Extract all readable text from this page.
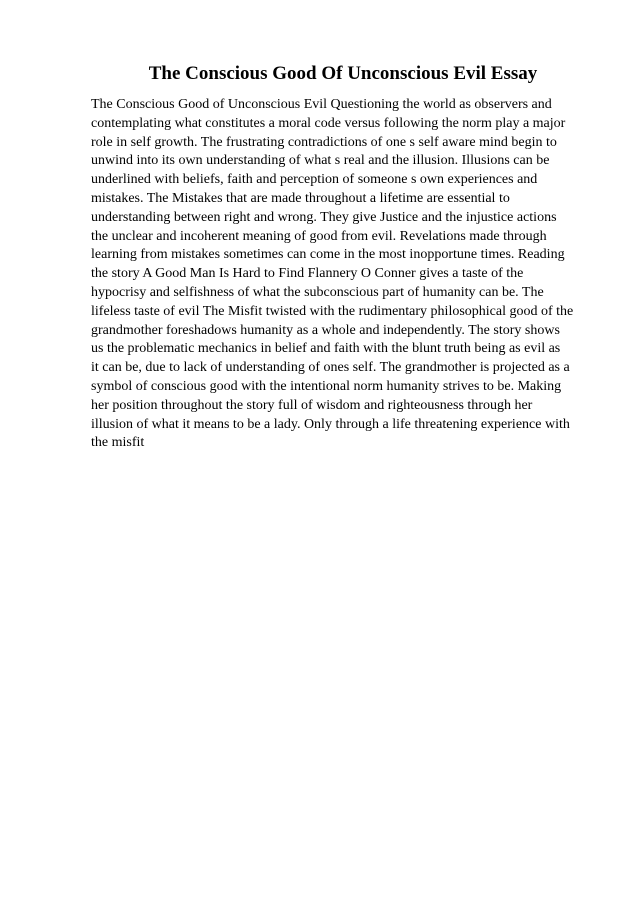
The Conscious Good Of Unconscious Evil Essay
The Conscious Good of Unconscious Evil Questioning the world as observers and
contemplating what constitutes a moral code versus following the norm play a major
role in self growth. The frustrating contradictions of one s self aware mind begin to
unwind into its own understanding of what s real and the illusion. Illusions can be
underlined with beliefs, faith and perception of someone s own experiences and
mistakes. The Mistakes that are made throughout a lifetime are essential to
understanding between right and wrong. They give Justice and the injustice actions
the unclear and incoherent meaning of good from evil. Revelations made through
learning from mistakes sometimes can come in the most inopportune times. Reading
the story A Good Man Is Hard to Find Flannery O Conner gives a taste of the
hypocrisy and selfishness of what the subconscious part of humanity can be. The
lifeless taste of evil The Misfit twisted with the rudimentary philosophical good of the
grandmother foreshadows humanity as a whole and independently. The story shows
us the problematic mechanics in belief and faith with the blunt truth being as evil as
it can be, due to lack of understanding of ones self. The grandmother is projected as a
symbol of conscious good with the intentional norm humanity strives to be. Making
her position throughout the story full of wisdom and righteousness through her
illusion of what it means to be a lady. Only through a life threatening experience with
the misfit
